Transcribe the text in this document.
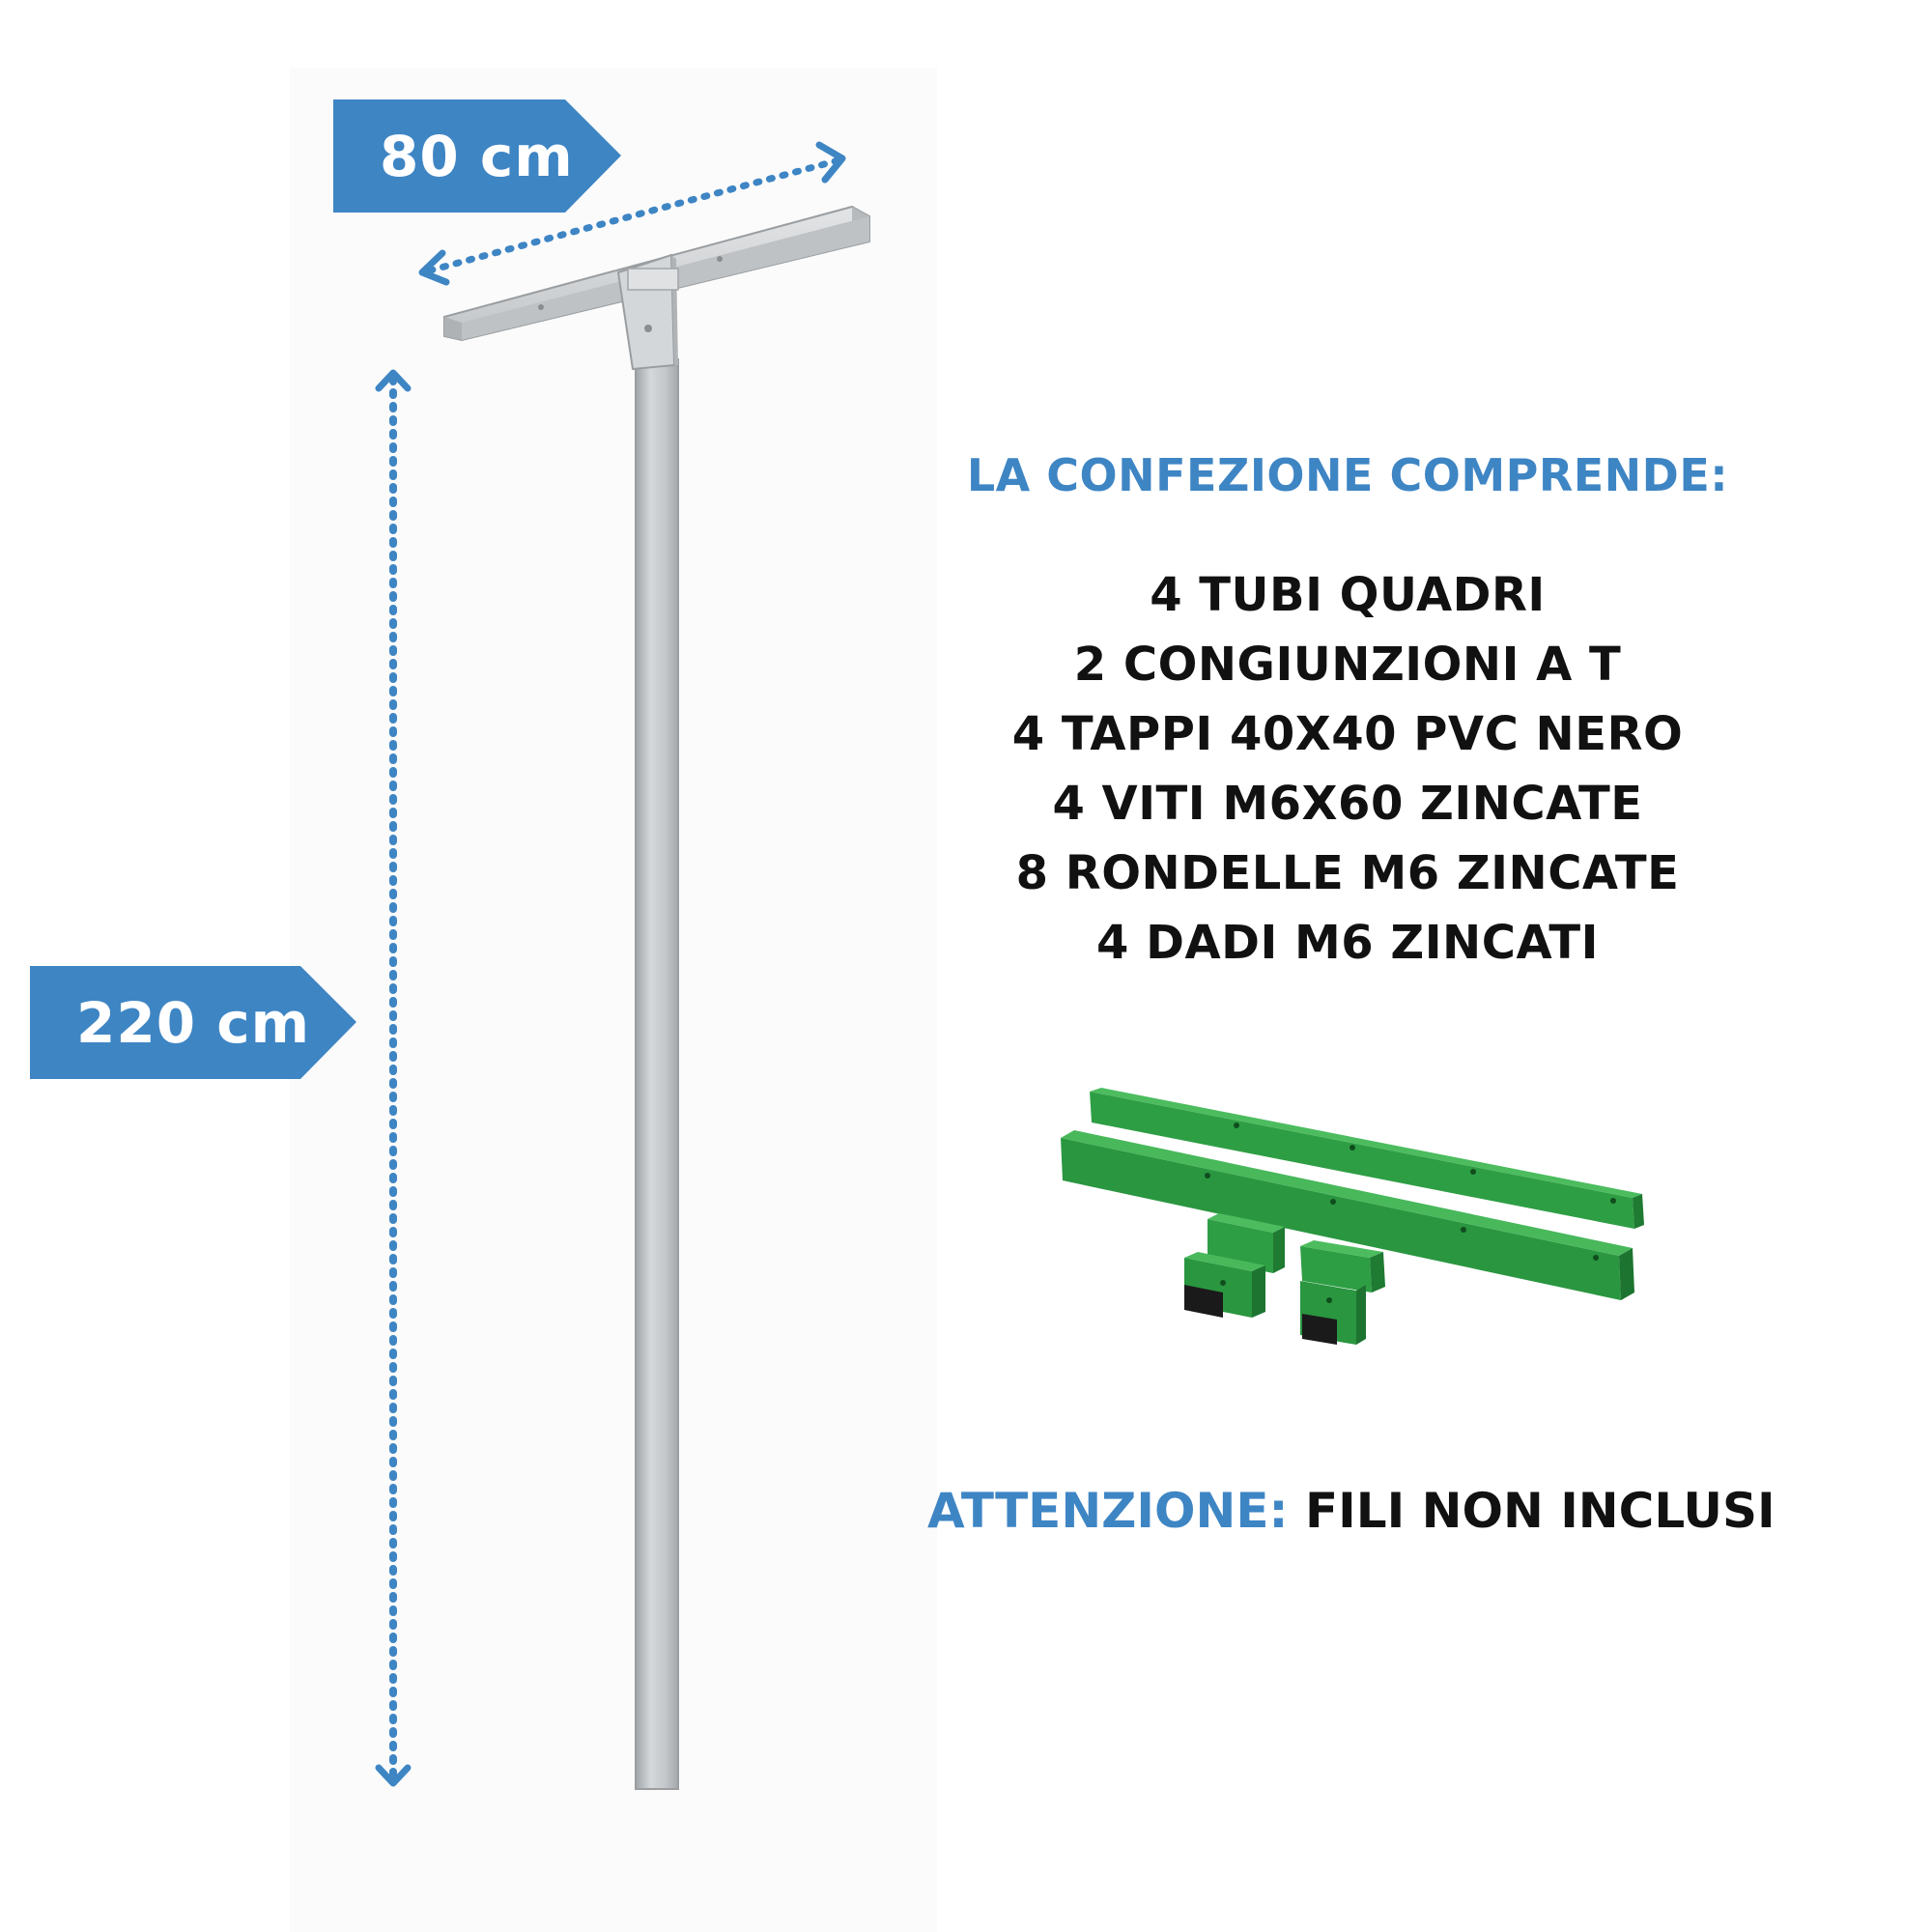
80 cm
220 cm
LA CONFEZIONE COMPRENDE:
4 TUBI QUADRI
2 CONGIUNZIONI A T
4 TAPPI 40X40 PVC NERO
4 VITI M6X60 ZINCATE
8 RONDELLE M6 ZINCATE
4 DADI M6 ZINCATI
ATTENZIONE: FILI NON INCLUSI
